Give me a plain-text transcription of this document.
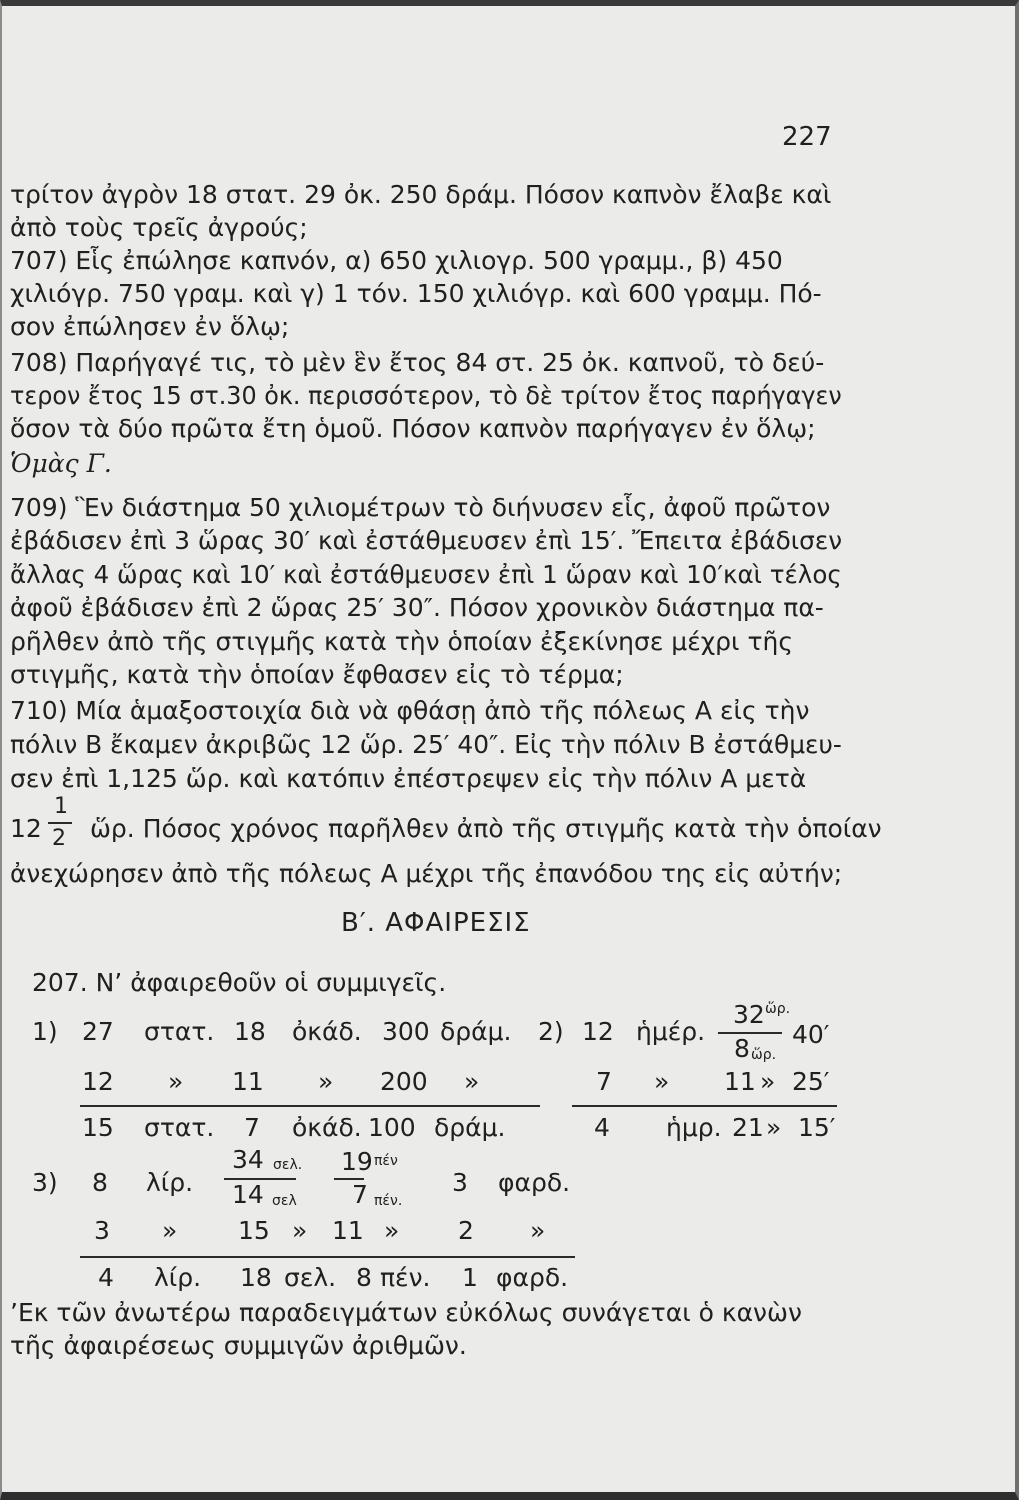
227
τρίτον ἀγρὸν 18 στατ. 29 ὀκ. 250 δράμ. Πόσον καπνὸν ἔλαβε καὶ
ἀπὸ τοὺς τρεῖς ἀγρούς;
707) Εἷς ἐπώλησε καπνόν, α) 650 χιλιογρ. 500 γραμμ., β) 450
χιλιόγρ. 750 γραμ. καὶ γ) 1 τόν. 150 χιλιόγρ. καὶ 600 γραμμ. Πό-
σον ἐπώλησεν ἐν ὅλῳ;
708) Παρήγαγέ τις, τὸ μὲν ἓν ἔτος 84 στ. 25 ὀκ. καπνοῦ, τὸ δεύ-
τερον ἔτος 15 στ.30 ὀκ. περισσότερον, τὸ δὲ τρίτον ἔτος παρήγαγεν
ὅσον τὰ δύο πρῶτα ἔτη ὁμοῦ. Πόσον καπνὸν παρήγαγεν ἐν ὅλῳ;
Ὁμὰς Γ.
709) Ἓν διάστημα 50 χιλιομέτρων τὸ διήνυσεν εἷς, ἀφοῦ πρῶτον
ἐβάδισεν ἐπὶ 3 ὥρας 30′ καὶ ἐστάθμευσεν ἐπὶ 15′. Ἔπειτα ἐβάδισεν
ἄλλας 4 ὥρας καὶ 10′ καὶ ἐστάθμευσεν ἐπὶ 1 ὥραν καὶ 10′καὶ τέλος
ἀφοῦ ἐβάδισεν ἐπὶ 2 ὥρας 25′ 30″. Πόσον χρονικὸν διάστημα πα-
ρῆλθεν ἀπὸ τῆς στιγμῆς κατὰ τὴν ὁποίαν ἐξεκίνησε μέχρι τῆς
στιγμῆς, κατὰ τὴν ὁποίαν ἔφθασεν εἰς τὸ τέρμα;
710) Μία ἁμαξοστοιχία διὰ νὰ φθάσῃ ἀπὸ τῆς πόλεως Α εἰς τὴν
πόλιν Β ἔκαμεν ἀκριβῶς 12 ὥρ. 25′ 40″. Εἰς τὴν πόλιν Β ἐστάθμευ-
σεν ἐπὶ 1,125 ὥρ. καὶ κατόπιν ἐπέστρεψεν εἰς τὴν πόλιν Α μετὰ
12
1
2 ὥρ. Πόσος χρόνος παρῆλθεν ἀπὸ τῆς στιγμῆς κατὰ τὴν ὁποίαν
ἀνεχώρησεν ἀπὸ τῆς πόλεως Α μέχρι τῆς ἐπανόδου της εἰς αὐτήν;
Β′. ΑΦΑΙΡΕΣΙΣ
207. Ν’ ἀφαιρεθοῦν οἱ συμμιγεῖς.
1) 27 στατ. 18 ὀκάδ. 300 δράμ.
12 » 11 » 200 »
15 στατ. 7 ὀκάδ. 100 δράμ.
2) 12 ἡμέρ.
32 ὥρ.
8 ὥρ.
40′
7 » 11 » 25′
4 ἡμρ. 21 » 15′
3) 8 λίρ.
34 σελ.
14 σελ
19 πέν
7 πέν.
3 φαρδ.
3 » 15 » 11 » 2 »
4 λίρ. 18 σελ. 8 πέν. 1 φαρδ.
’Εκ τῶν ἀνωτέρω παραδειγμάτων εὐκόλως συνάγεται ὁ κανὼν
τῆς ἀφαιρέσεως συμμιγῶν ἀριθμῶν.
